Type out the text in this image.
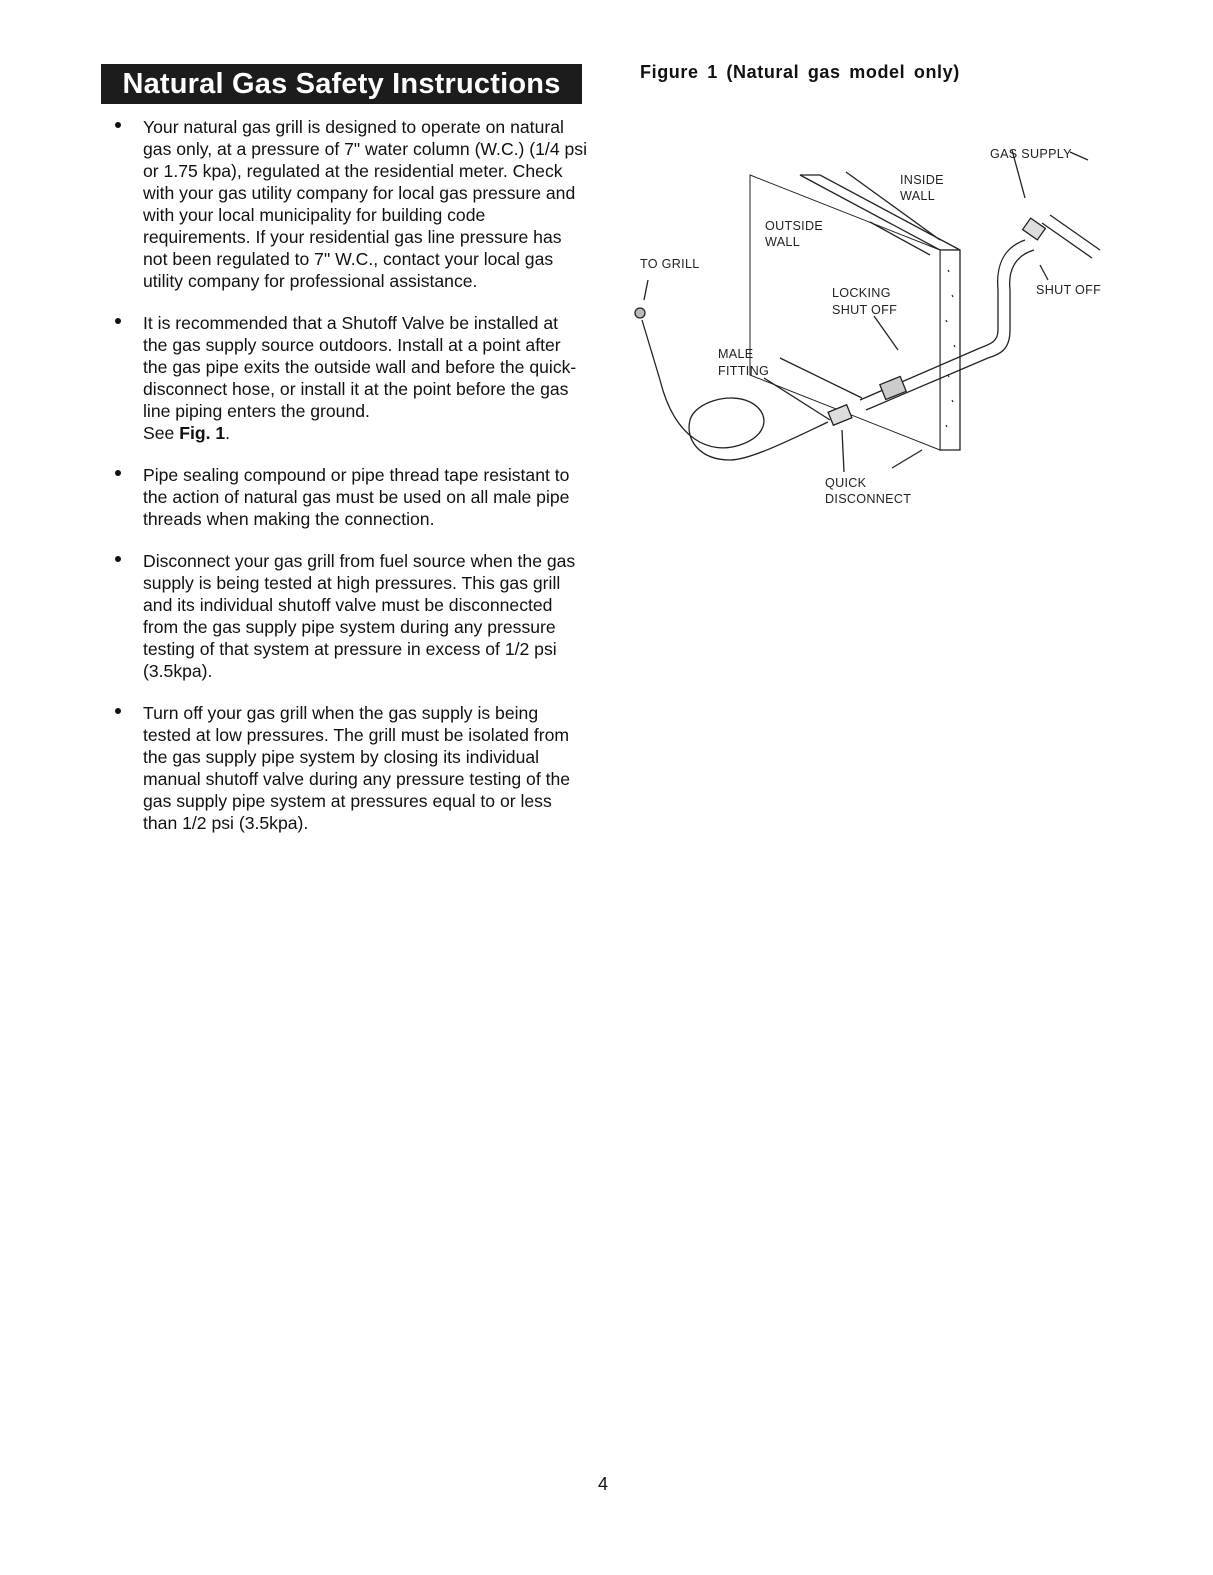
Natural Gas Safety Instructions
Your natural gas grill is designed to operate on natural gas only, at a pressure of 7" water column (W.C.) (1/4 psi or 1.75 kpa), regulated at the residential meter. Check with your gas utility company for local gas pressure and with your local municipality for building code requirements. If your residential gas line pressure has not been regulated to 7" W.C., contact your local gas utility company for professional assistance.
It is recommended that a Shutoff Valve be installed at the gas supply source outdoors. Install at a point after the gas pipe exits the outside wall and before the quick-disconnect hose, or install it at the point before the gas line piping enters the ground.
See Fig. 1.
Pipe sealing compound or pipe thread tape resistant to the action of natural gas must be used on all male pipe threads when making the connection.
Disconnect your gas grill from fuel source when the gas supply is being tested at high pressures. This gas grill and its individual shutoff valve must be disconnected from the gas supply pipe system during any pressure testing of that system at pressure in excess of 1/2 psi (3.5kpa).
Turn off your gas grill when the gas supply is being tested at low pressures. The grill must be isolated from the gas supply pipe system by closing its individual manual shutoff valve during any pressure testing of the gas supply pipe system at pressures equal to or less than 1/2 psi (3.5kpa).
Figure 1 (Natural gas model only)
GAS SUPPLY
INSIDE
WALL
OUTSIDE
WALL
TO GRILL
SHUT OFF
LOCKING
SHUT OFF
MALE
FITTING
QUICK
DISCONNECT
4
